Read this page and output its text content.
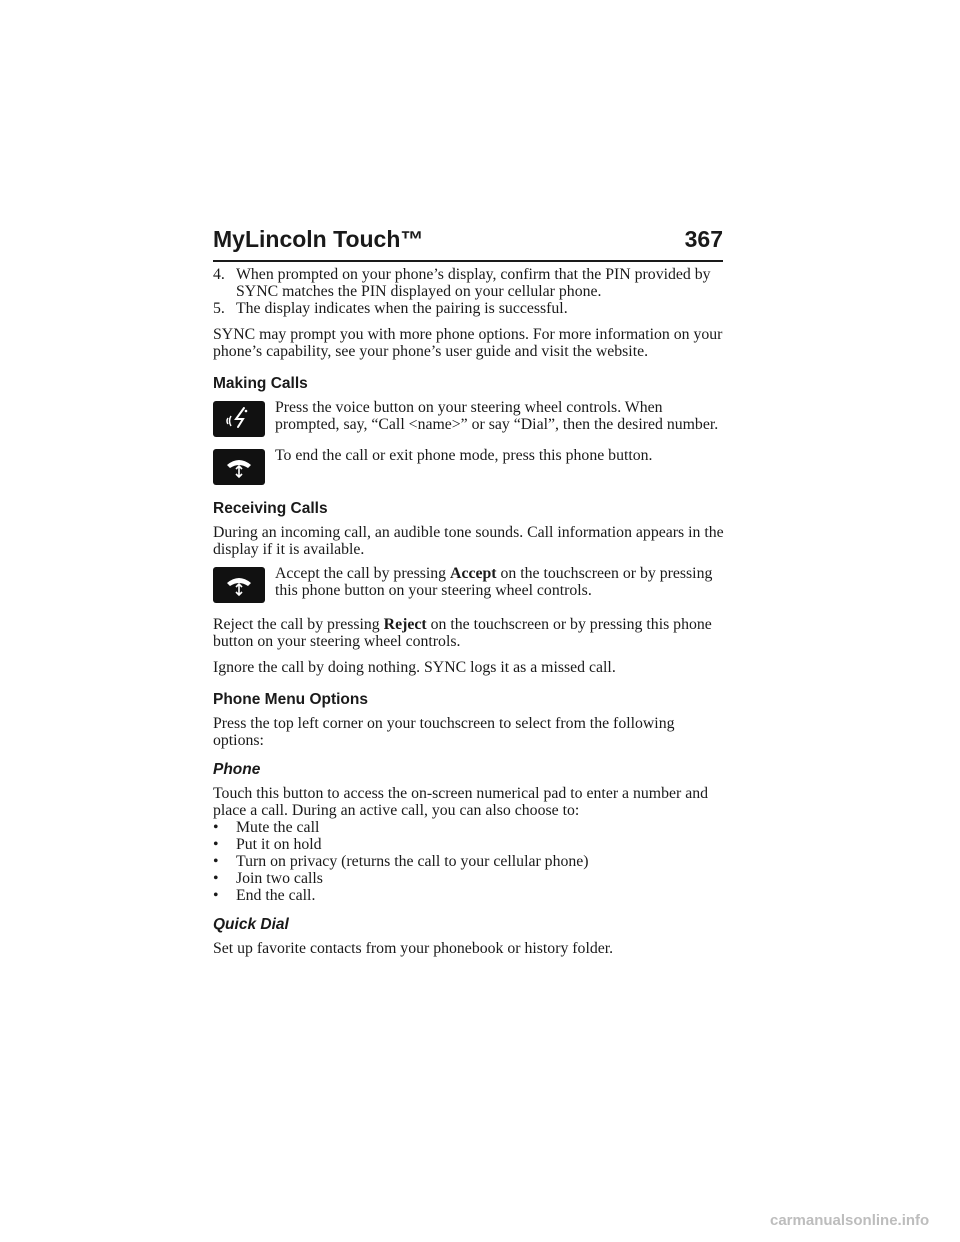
MyLincoln Touch™	367
4. When prompted on your phone’s display, confirm that the PIN provided by SYNC matches the PIN displayed on your cellular phone.
5. The display indicates when the pairing is successful.

SYNC may prompt you with more phone options. For more information on your phone’s capability, see your phone’s user guide and visit the website.

Making Calls
Press the voice button on your steering wheel controls. When prompted, say, “Call <name>” or say “Dial”, then the desired number.
To end the call or exit phone mode, press this phone button.
Receiving Calls

During an incoming call, an audible tone sounds. Call information appears in the display if it is available.

Accept the call by pressing Accept on the touchscreen or by pressing this phone button on your steering wheel controls.

Reject the call by pressing Reject on the touchscreen or by pressing this phone button on your steering wheel controls.

Ignore the call by doing nothing. SYNC logs it as a missed call.

Phone Menu Options

Press the top left corner on your touchscreen to select from the following options:

Phone

Touch this button to access the on-screen numerical pad to enter a number and place a call. During an active call, you can also choose to:

•	Mute the call
•	Put it on hold
•	Turn on privacy (returns the call to your cellular phone)
•	Join two calls
•	End the call.
Quick Dial

Set up favorite contacts from your phonebook or history folder.

carmanualsonline.info
